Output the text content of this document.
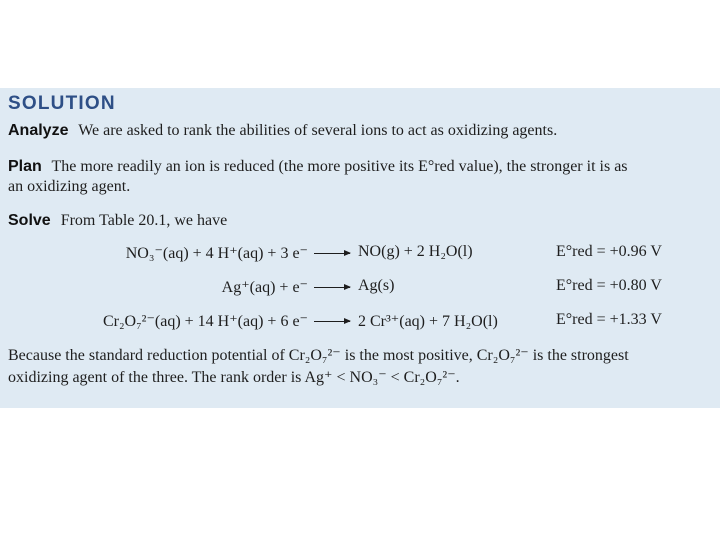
SOLUTION
Analyze We are asked to rank the abilities of several ions to act as oxidizing agents.
Plan The more readily an ion is reduced (the more positive its E°red value), the stronger it is as
an oxidizing agent.
Solve From Table 20.1, we have
NO₃⁻(aq) + 4 H⁺(aq) + 3 e⁻ → NO(g) + 2 H₂O(l)	E°red = +0.96 V
Ag⁺(aq) + e⁻ → Ag(s)	E°red = +0.80 V
Cr₂O₇²⁻(aq) + 14 H⁺(aq) + 6 e⁻ → 2 Cr³⁺(aq) + 7 H₂O(l)	E°red = +1.33 V
Because the standard reduction potential of Cr₂O₇²⁻ is the most positive, Cr₂O₇²⁻ is the strongest
oxidizing agent of the three. The rank order is Ag⁺ < NO₃⁻ < Cr₂O₇²⁻.
